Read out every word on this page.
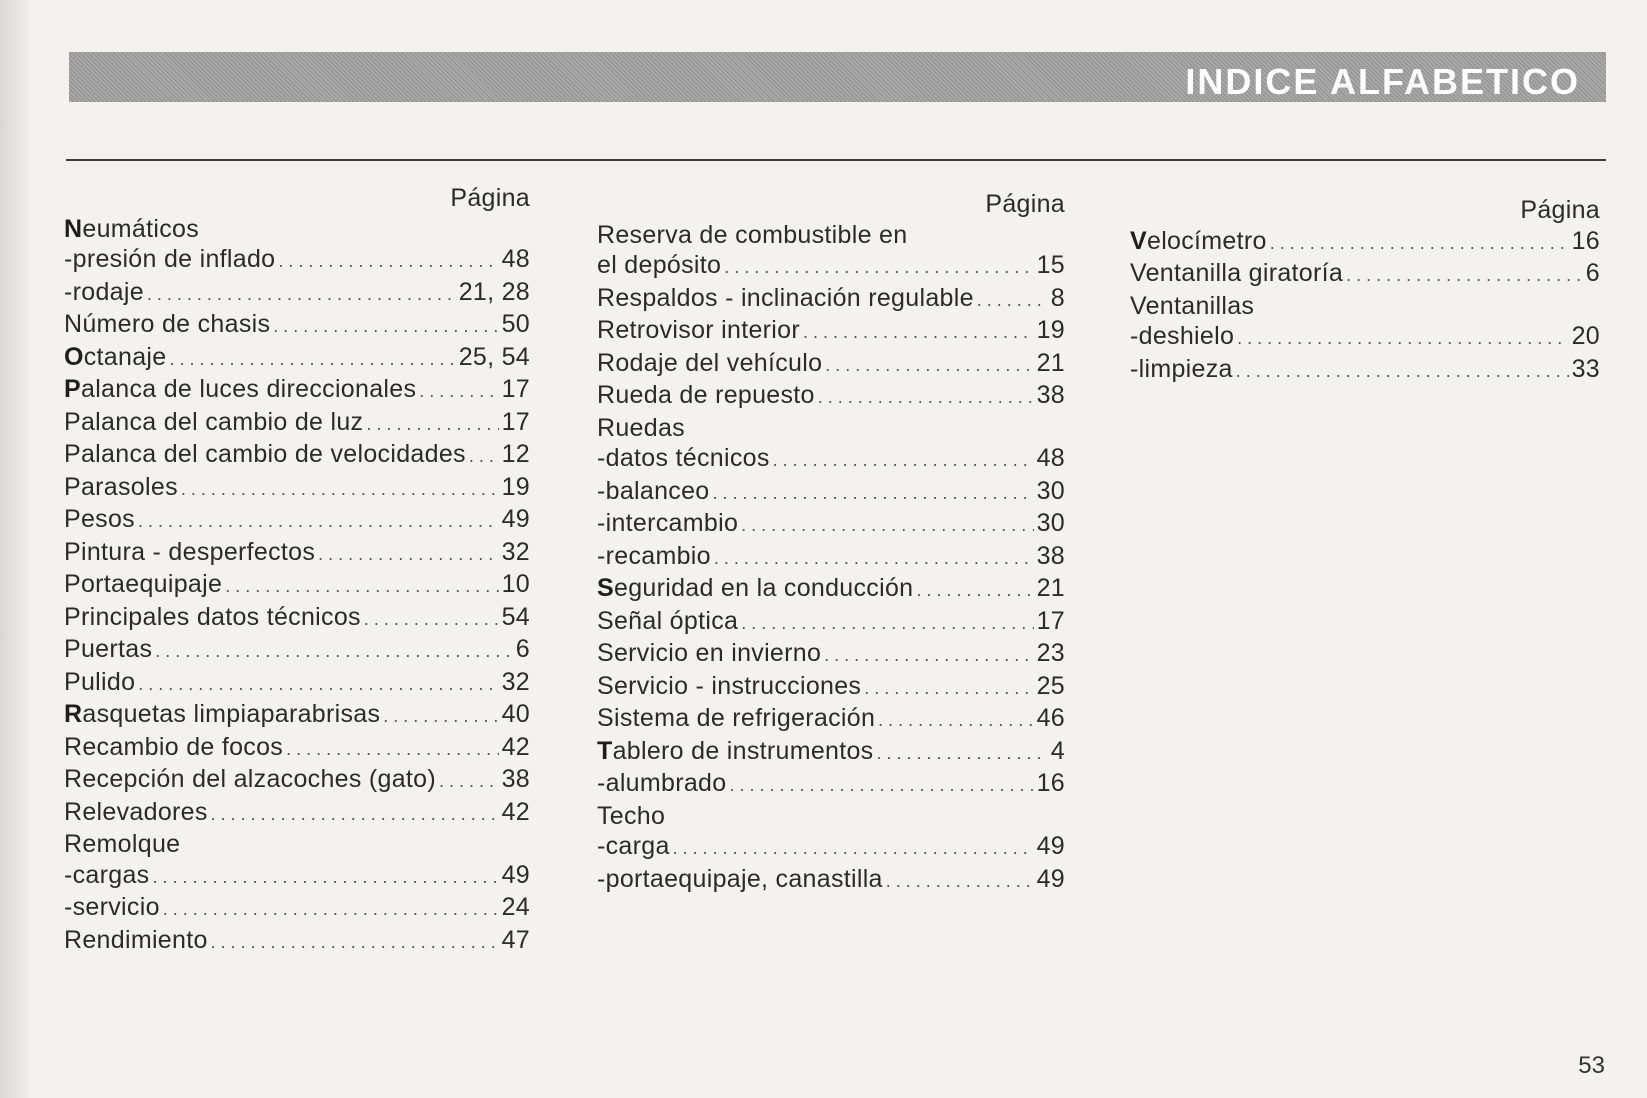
INDICE ALFABETICO
Página
Neumáticos
-presión de inflado . . .	48
-rodaje . . .	21, 28
Número de chasis . . .	50
Octanaje . . .	25, 54
Palanca de luces direccionales . . .	17
Palanca del cambio de luz . . .	17
Palanca del cambio de velocidades . . . 12
Parasoles . . .	19
Pesos . . .	49
Pintura - desperfectos . . .	32
Portaequipaje . . .	10
Principales datos técnicos . . .	54
Puertas . . .	6
Pulido . . .	32
Rasquetas limpiaparabrisas . . .	40
Recambio de focos . . .	42
Recepción del alzacoches (gato) . . .	38
Relevadores . . .	42
Remolque
-cargas . . .	49
-servicio . . .	24
Rendimiento . . .	47
Página
Reserva de combustible en
el depósito . . .	15
Respaldos - inclinación regulable . . .	8
Retrovisor interior . . .	19
Rodaje del vehículo . . .	21
Rueda de repuesto . . .	38
Ruedas
-datos técnicos . . .	48
-balanceo . . .	30
-intercambio . . .	30
-recambio . . .	38
Seguridad en la conducción . . .	21
Señal óptica . . .	17
Servicio en invierno . . .	23
Servicio - instrucciones . . .	25
Sistema de refrigeración . . .	46
Tablero de instrumentos . . .	4
-alumbrado . . .	16
Techo
-carga . . .	49
-portaequipaje, canastilla . . .	49
Página
Velocímetro . . .	16
Ventanilla giratoría . . .	6
Ventanillas
-deshielo . . .	20
-limpieza . . .	33
53
